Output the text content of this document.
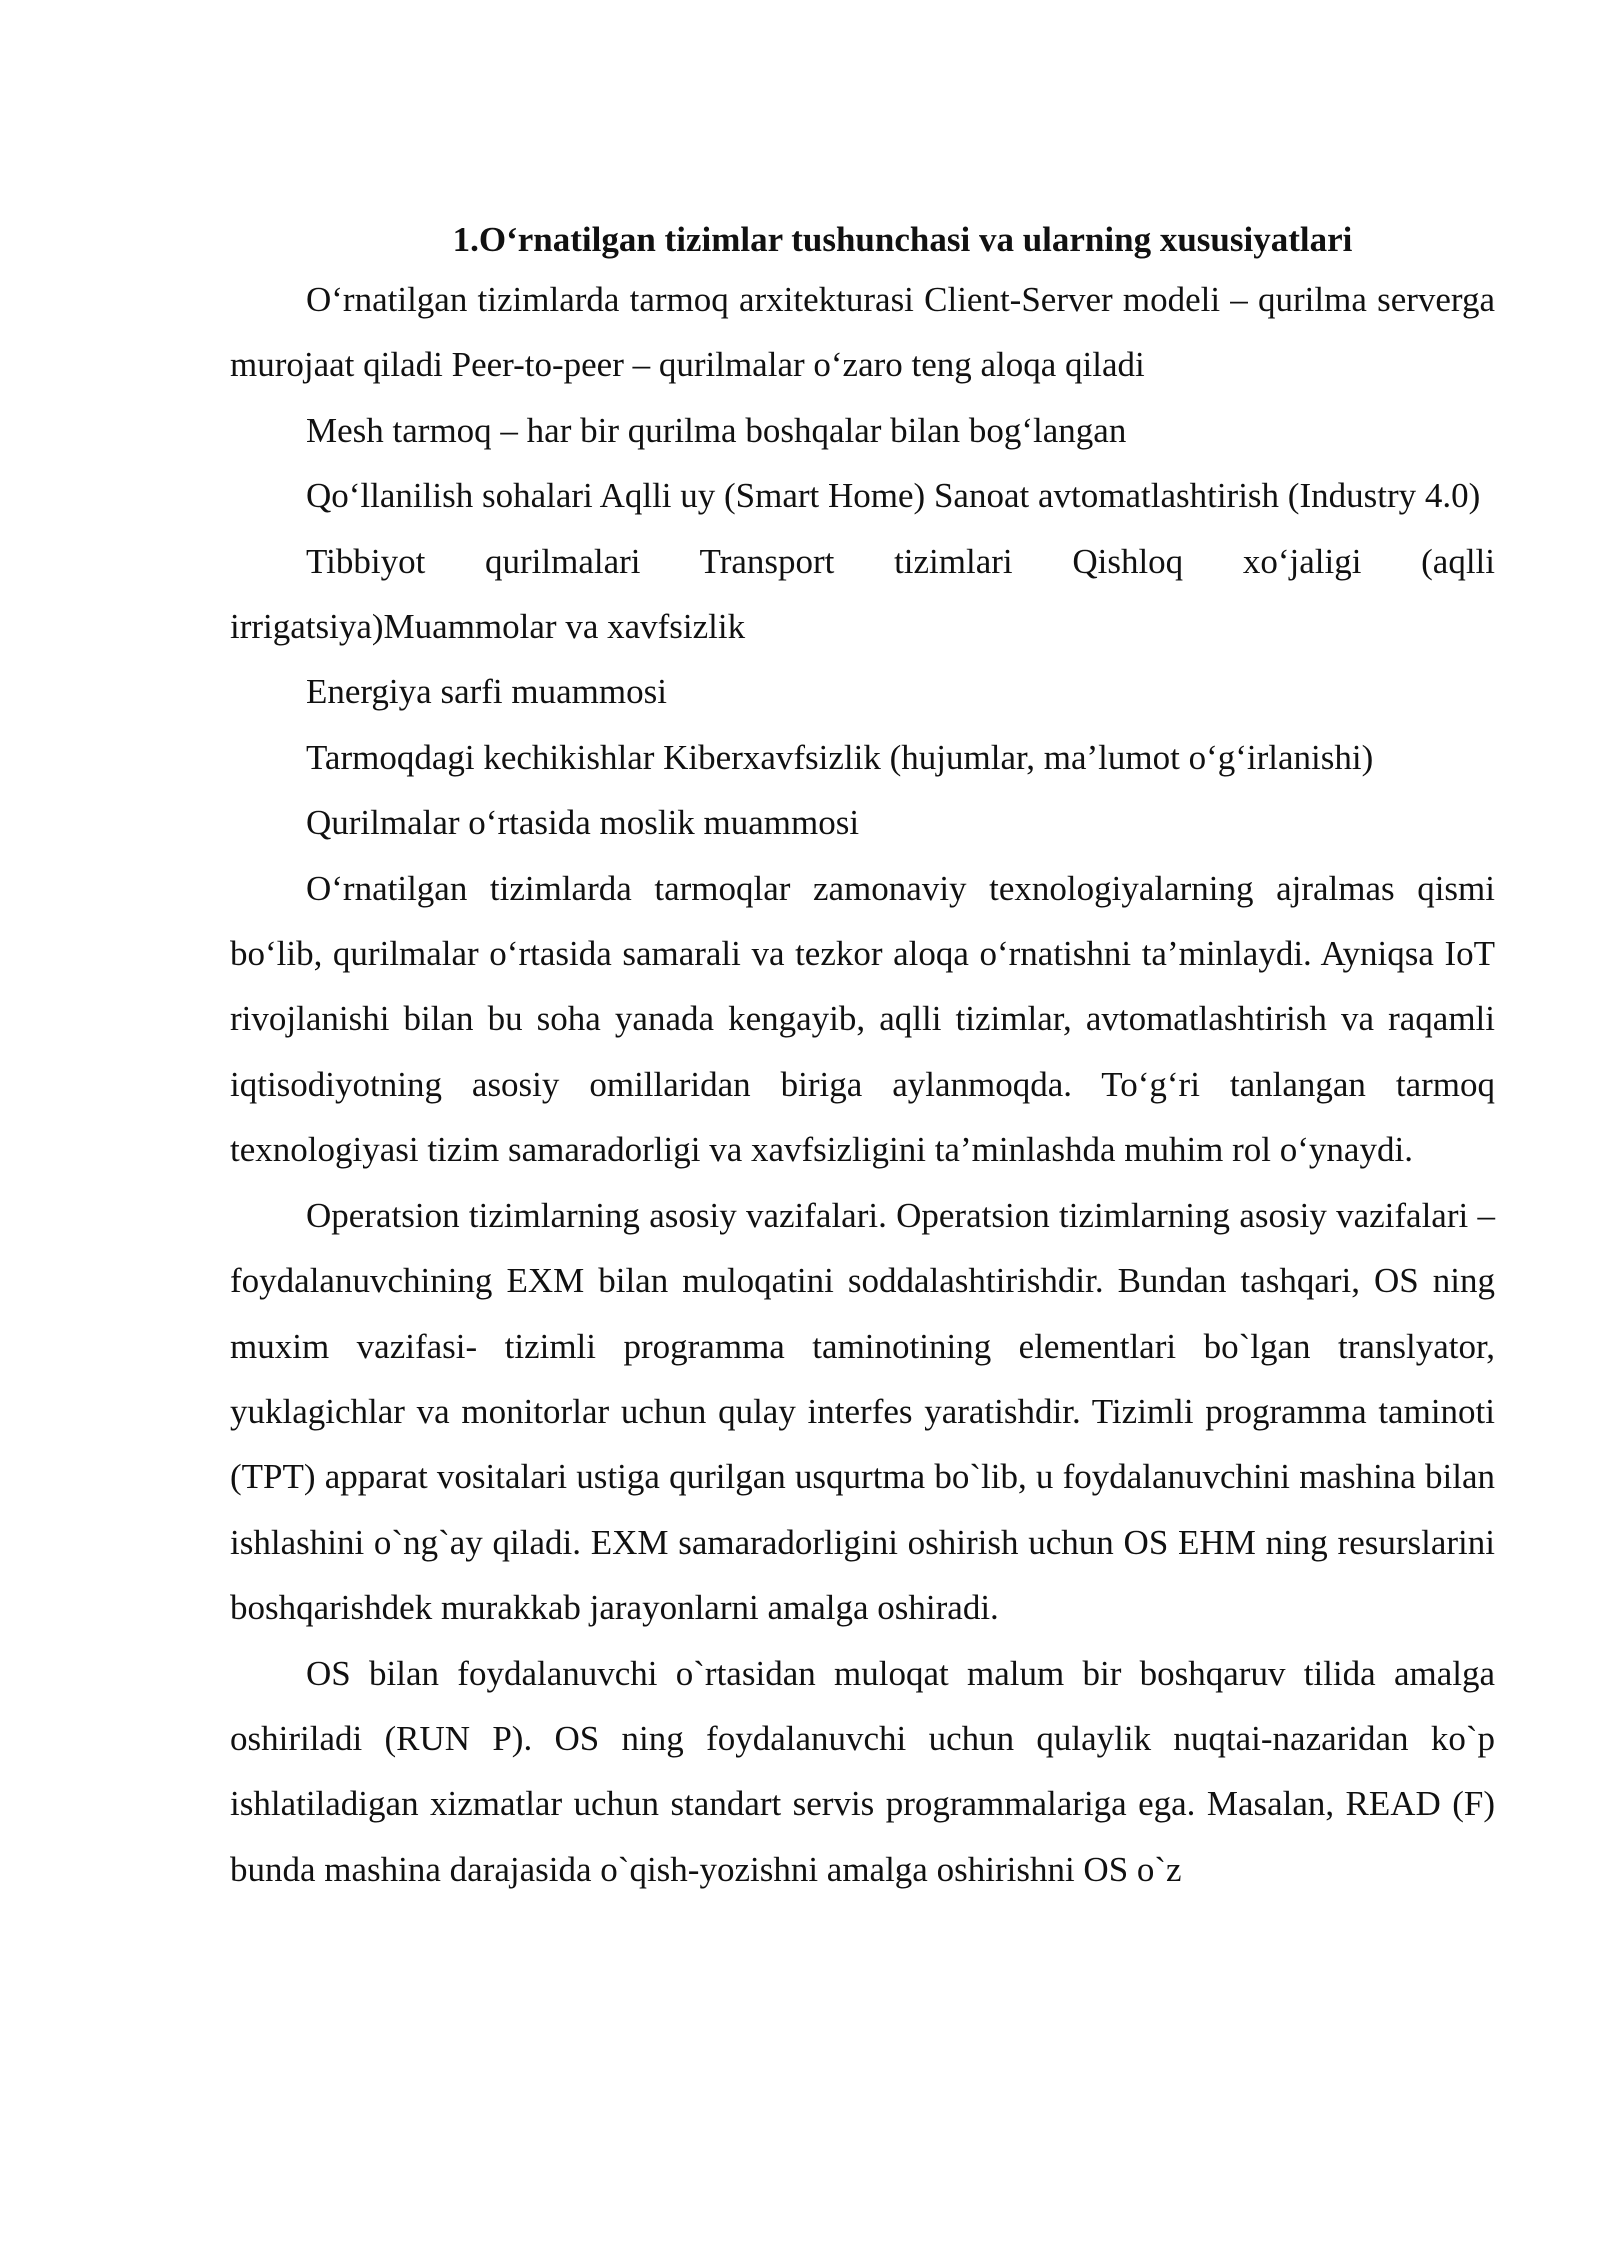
1.O‘rnatilgan tizimlar tushunchasi va ularning xususiyatlari

O‘rnatilgan tizimlarda tarmoq arxitekturasi Client-Server modeli – qurilma serverga murojaat qiladi Peer-to-peer – qurilmalar o‘zaro teng aloqa qiladi

Mesh tarmoq – har bir qurilma boshqalar bilan bog‘langan

Qo‘llanilish sohalari Aqlli uy (Smart Home) Sanoat avtomatlashtirish (Industry 4.0)

Tibbiyot qurilmalari Transport tizimlari Qishloq xo‘jaligi (aqlli irrigatsiya)Muammolar va xavfsizlik

Energiya sarfi muammosi

Tarmoqdagi kechikishlar Kiberxavfsizlik (hujumlar, ma’lumot o‘g‘irlanishi)

Qurilmalar o‘rtasida moslik muammosi

O‘rnatilgan tizimlarda tarmoqlar zamonaviy texnologiyalarning ajralmas qismi bo‘lib, qurilmalar o‘rtasida samarali va tezkor aloqa o‘rnatishni ta’minlaydi. Ayniqsa IoT rivojlanishi bilan bu soha yanada kengayib, aqlli tizimlar, avtomatlashtirish va raqamli iqtisodiyotning asosiy omillaridan biriga aylanmoqda. To‘g‘ri tanlangan tarmoq texnologiyasi tizim samaradorligi va xavfsizligini ta’minlashda muhim rol o‘ynaydi.

Operatsion tizimlarning asosiy vazifalari. Operatsion tizimlarning asosiy vazifalari – foydalanuvchining EXM bilan muloqatini soddalashtirishdir. Bundan tashqari, OS ning muxim vazifasi- tizimli programma taminotining elementlari bo`lgan translyator, yuklagichlar va monitorlar uchun qulay interfes yaratishdir. Tizimli programma taminoti (TPT) apparat vositalari ustiga qurilgan usqurtma bo`lib, u foydalanuvchini mashina bilan ishlashini o`ng`ay qiladi. EXM samaradorligini oshirish uchun OS EHM ning resurslarini boshqarishdek murakkab jarayonlarni amalga oshiradi.

OS bilan foydalanuvchi o`rtasidan muloqat malum bir boshqaruv tilida amalga oshiriladi (RUN P). OS ning foydalanuvchi uchun qulaylik nuqtai-nazaridan ko`p ishlatiladigan xizmatlar uchun standart servis programmalariga ega. Masalan, READ (F) bunda mashina darajasida o`qish-yozishni amalga oshirishni OS o`z
